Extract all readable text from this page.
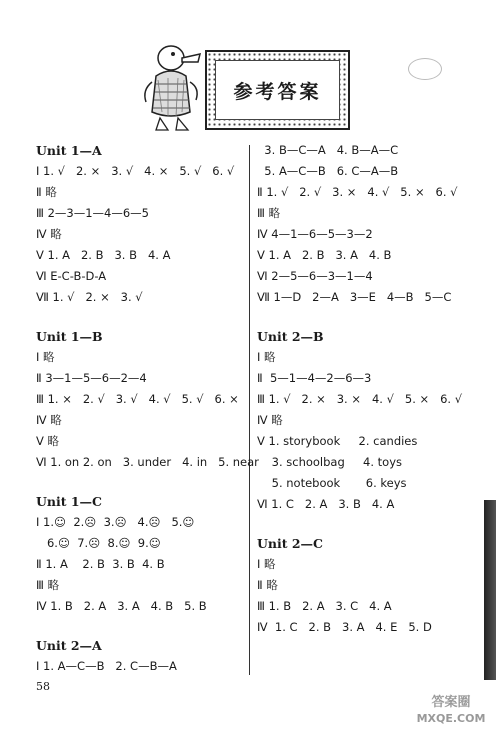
参考答案
Unit 1—A
Ⅰ 1. √   2. ×   3. √   4. ×   5. √   6. √
Ⅱ 略
Ⅲ 2—3—1—4—6—5
Ⅳ 略
Ⅴ 1. A   2. B   3. B   4. A
Ⅵ E-C-B-D-A
Ⅶ 1. √   2. ×   3. √
Unit 1—B
Ⅰ 略
Ⅱ 3—1—5—6—2—4
Ⅲ 1. ×   2. √   3. √   4. √   5. √   6. ×
Ⅳ 略
Ⅴ 略
Ⅵ 1. on 2. on   3. under   4. in   5. near
Unit 1—C
Ⅰ 1.☺  2.☹  3.☹   4.☹   5.☺
6.☺  7.☹  8.☺  9.☺
Ⅱ 1. A    2. B  3. B  4. B
Ⅲ 略
Ⅳ 1. B   2. A   3. A   4. B   5. B
Unit 2—A
Ⅰ 1. A—C—B   2. C—B—A
3. B—C—A   4. B—A—C
5. A—C—B   6. C—A—B
Ⅱ 1. √   2. √   3. ×   4. √   5. ×   6. √
Ⅲ 略
Ⅳ 4—1—6—5—3—2
Ⅴ 1. A   2. B   3. A   4. B
Ⅵ 2—5—6—3—1—4
Ⅶ 1—D   2—A   3—E   4—B   5—C
Unit 2—B
Ⅰ 略
Ⅱ  5—1—4—2—6—3
Ⅲ 1. √   2. ×   3. ×   4. √   5. ×   6. √
Ⅳ 略
Ⅴ 1. storybook     2. candies
3. schoolbag     4. toys
5. notebook       6. keys
Ⅵ 1. C   2. A   3. B   4. A
Unit 2—C
Ⅰ 略
Ⅱ 略
Ⅲ 1. B   2. A   3. C   4. A
Ⅳ  1. C   2. B   3. A   4. E   5. D
58
答案圈
MXQE.COM
